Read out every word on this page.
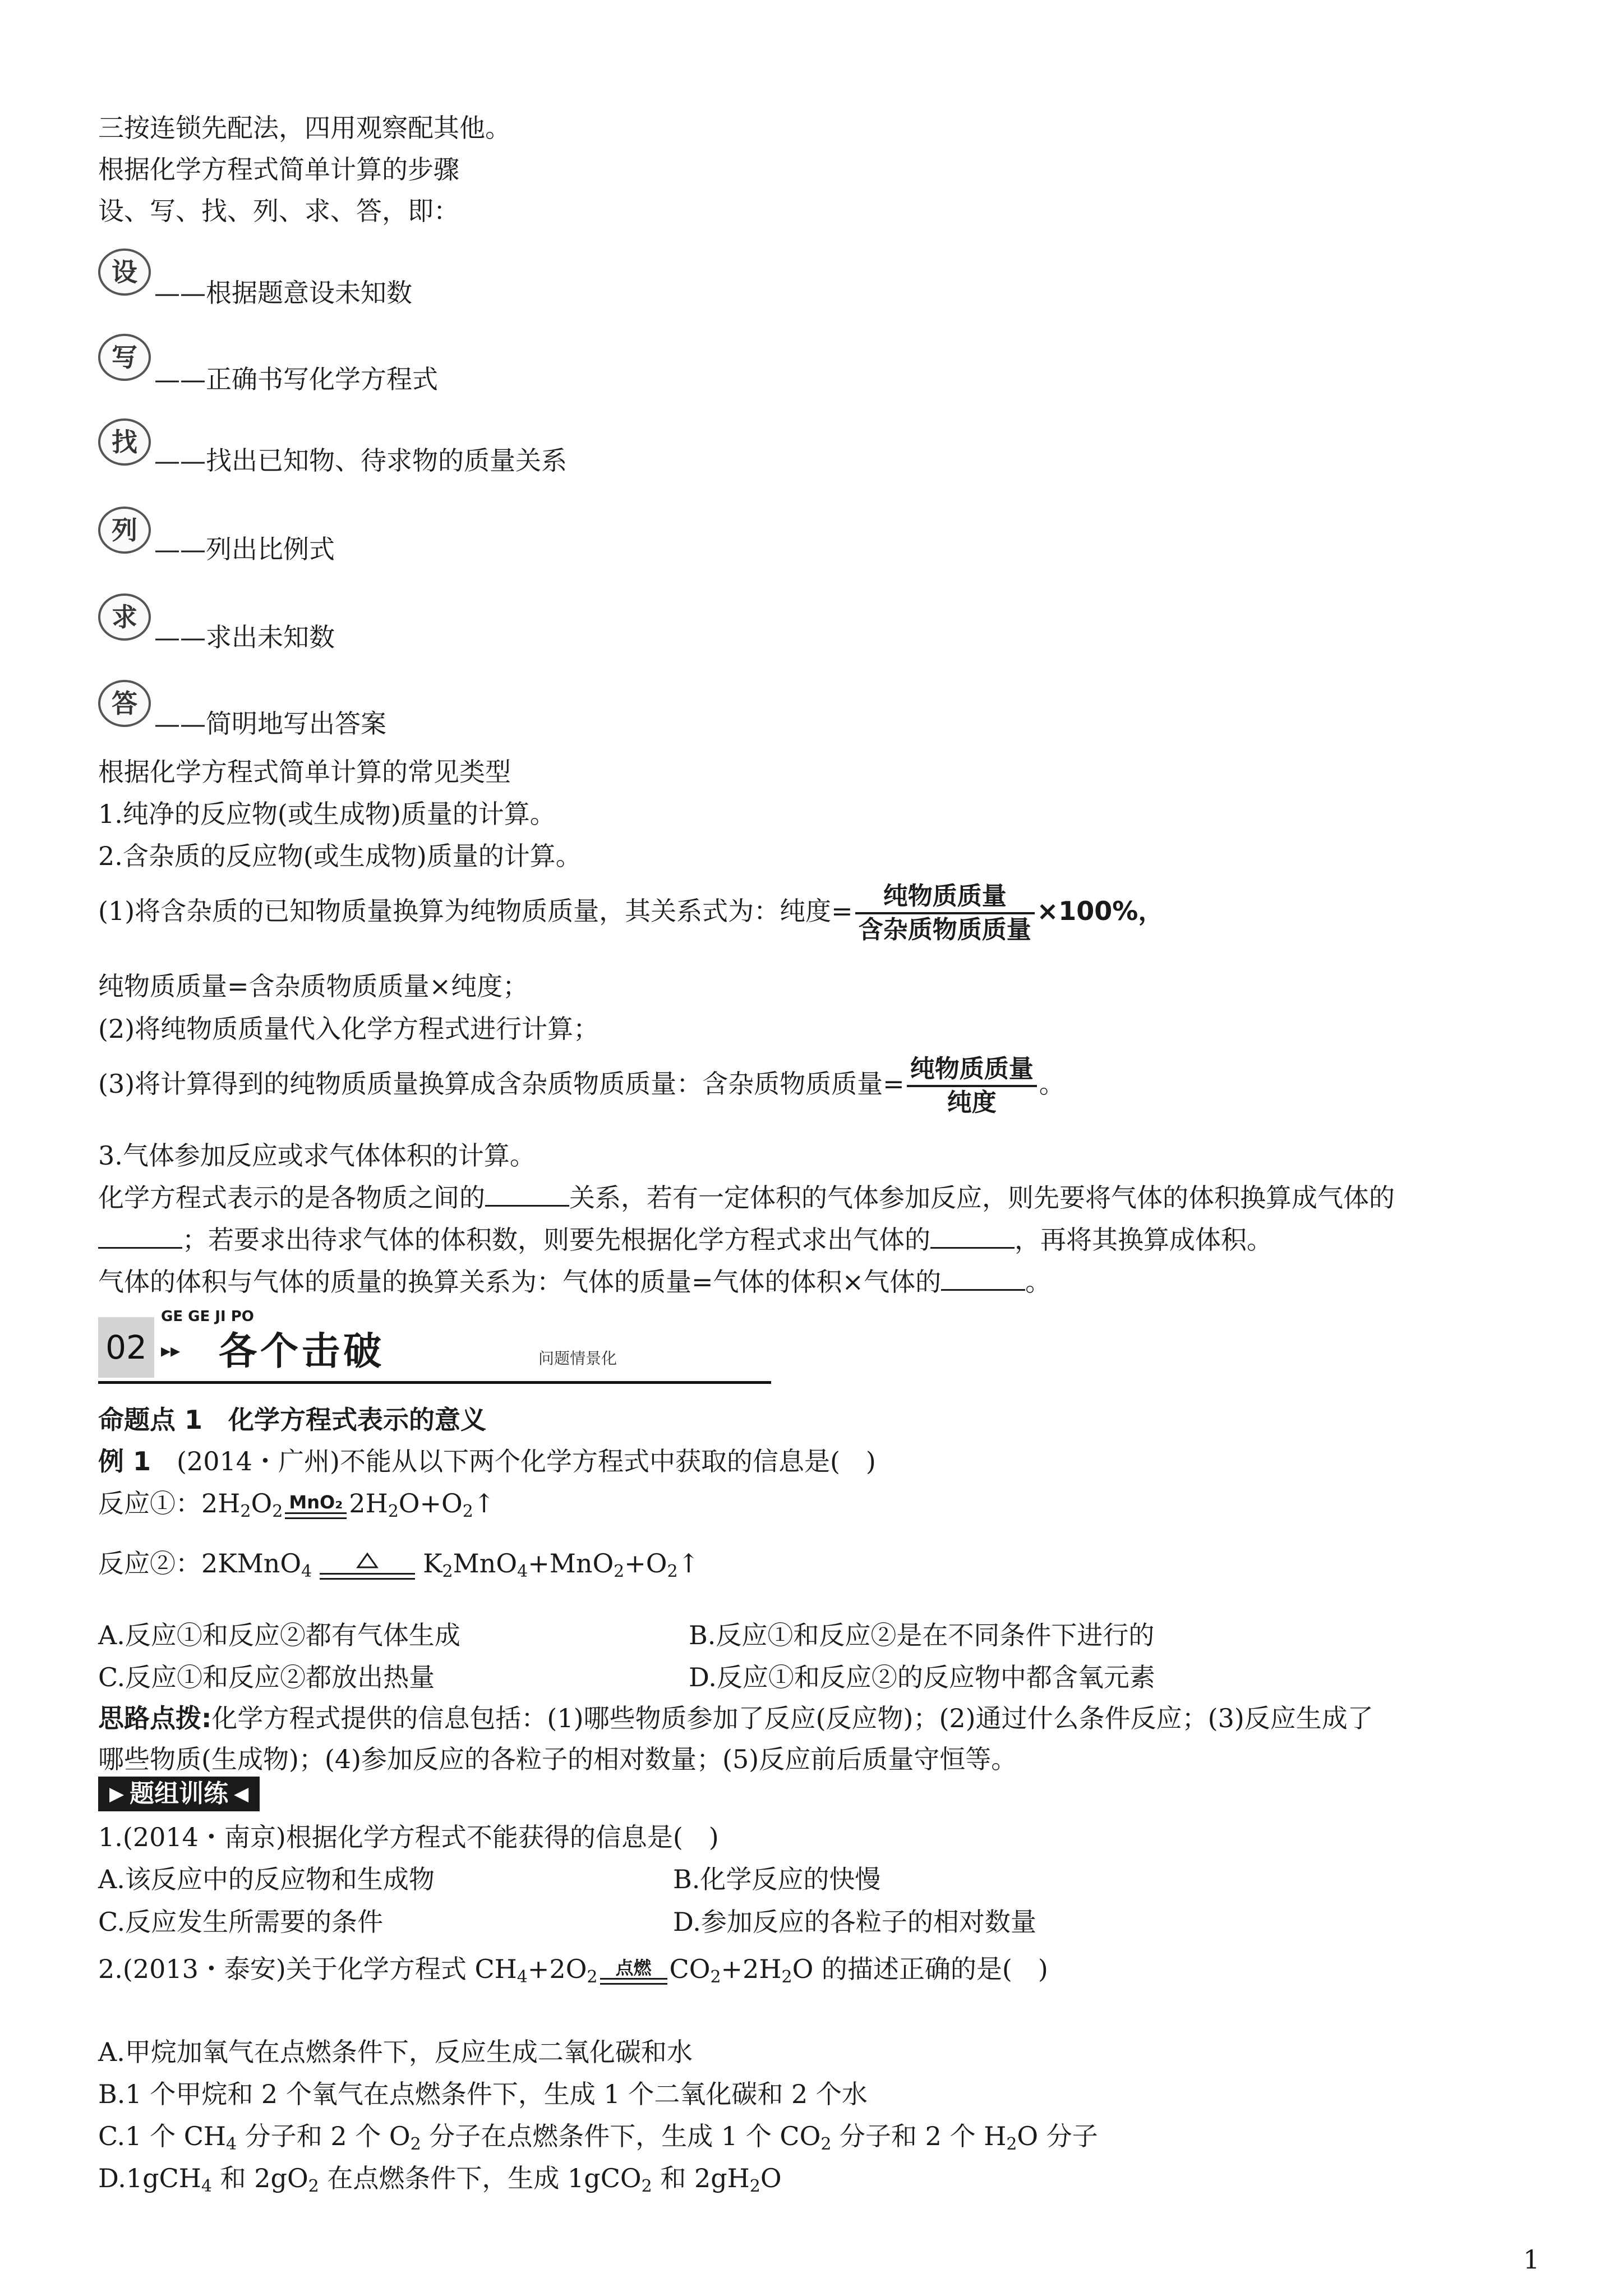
三按连锁先配法，四用观察配其他。
根据化学方程式简单计算的步骤
设、写、找、列、求、答，即：
设
——根据题意设未知数
写
——正确书写化学方程式
找
——找出已知物、待求物的质量关系
列
——列出比例式
求
——求出未知数
答
——简明地写出答案
根据化学方程式简单计算的常见类型
1.纯净的反应物(或生成物)质量的计算。
2.含杂质的反应物(或生成物)质量的计算。
(1)将含杂质的已知物质量换算为纯物质质量，其关系式为：纯度= $\frac{\text{纯物质质量}}{\text{含杂质物质质量}} \times 100\%$，
纯物质质量=含杂质物质质量×纯度；
(2)将纯物质质量代入化学方程式进行计算；
(3)将计算得到的纯物质质量换算成含杂质物质质量：含杂质物质质量= $\frac{\text{纯物质质量}}{\text{纯度}}$ 。
3.气体参加反应或求气体体积的计算。
化学方程式表示的是各物质之间的	关系，若有一定体积的气体参加反应，则先要将气体的体积换算成气体的
；若要求出待求气体的体积数，则要先根据化学方程式求出气体的	，再将其换算成体积。
气体的体积与气体的质量的换算关系为：气体的质量=气体的体积×气体的	。
02
GE GE JI PO
▸▸ 各个击破	问题情景化
命题点 1　化学方程式表示的意义
例 1　(2014・广州)不能从以下两个化学方程式中获取的信息是(　)
反应①：$2H_2O_2$ MnO₂ $2H_2O+O_2↑$
反应②：2KMnO$_4$	$K_2MnO_4+MnO_2+O_2↑$
A.反应①和反应②都有气体生成	B.反应①和反应②是在不同条件下进行的
C.反应①和反应②都放出热量	D.反应①和反应②的反应物中都含氧元素
思路点拨:化学方程式提供的信息包括：(1)哪些物质参加了反应(反应物)；(2)通过什么条件反应；(3)反应生成了
哪些物质(生成物)；(4)参加反应的各粒子的相对数量；(5)反应前后质量守恒等。
▶ 题组训练 ◀
1.(2014・南京)根据化学方程式不能获得的信息是(　)
A.该反应中的反应物和生成物	B.化学反应的快慢
C.反应发生所需要的条件	D.参加反应的各粒子的相对数量
2.(2013・泰安)关于化学方程式 $CH_4+2O_2$ 点燃 $CO_2+2H_2O$ 的描述正确的是(　)
A.甲烷加氧气在点燃条件下，反应生成二氧化碳和水
B.1 个甲烷和 2 个氧气在点燃条件下，生成 1 个二氧化碳和 2 个水
C.1 个 $CH_4$ 分子和 2 个 $O_2$ 分子在点燃条件下，生成 1 个 $CO_2$ 分子和 2 个 $H_2O$ 分子
D.1gCH$_4$ 和 $2gO_2$ 在点燃条件下，生成 1gCO$_2$ 和 $2gH_2O$
1
